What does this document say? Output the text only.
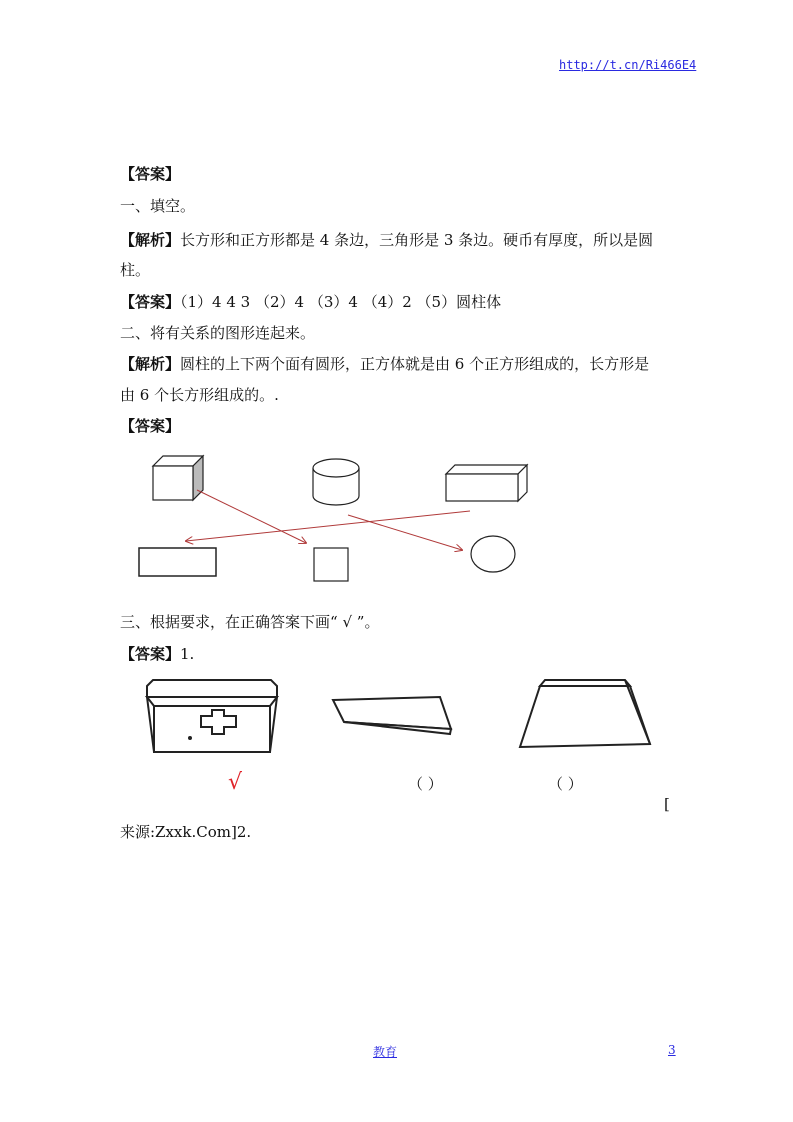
http://t.cn/Ri466E4
【答案】
一、填空。
【解析】长方形和正方形都是 4 条边，三角形是 3 条边。硬币有厚度，所以是圆
柱。
【答案】（1）4 4 3 （2）4 （3）4 （4）2 （5）圆柱体
二、将有关系的图形连起来。
【解析】圆柱的上下两个面有圆形，正方体就是由 6 个正方形组成的，长方形是
由 6 个长方形组成的。.
【答案】
三、根据要求，在正确答案下画“ √ ”。
【答案】1.
√	（ ）	（ ）
[
来源:Zxxk.Com]2.
教育	3
